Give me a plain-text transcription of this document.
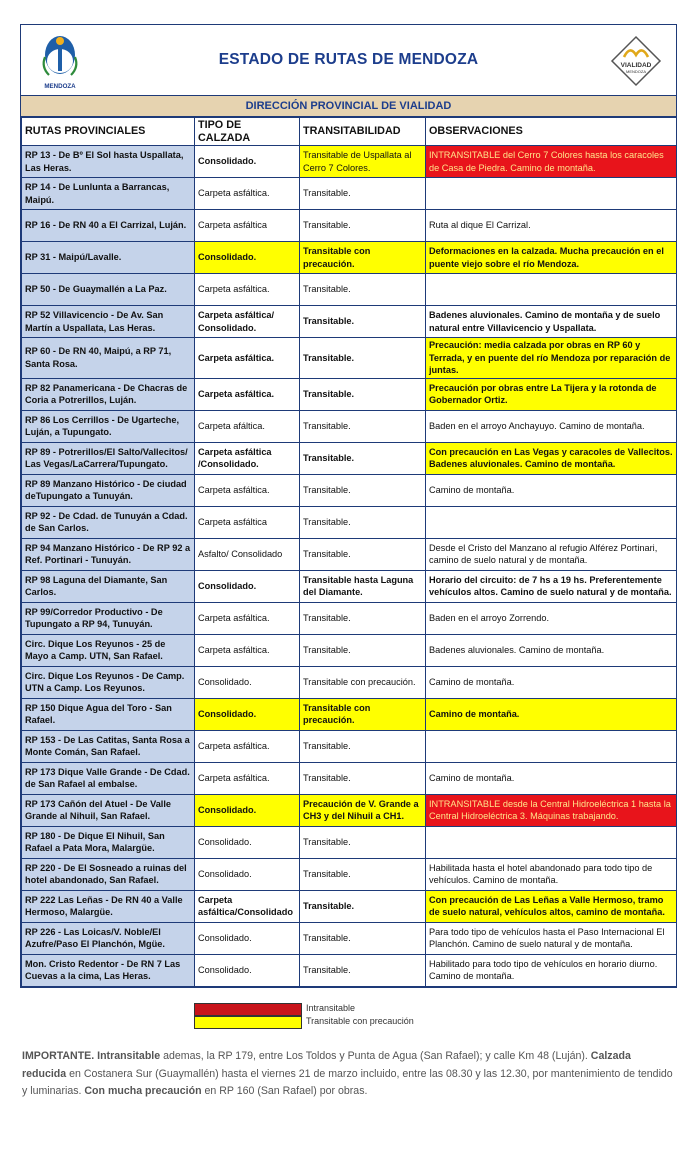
MENDOZA
ESTADO DE RUTAS DE MENDOZA	VIALIDAD
MENDOZA
DIRECCIÓN PROVINCIAL DE VIALIDAD
RUTAS PROVINCIALES	TIPO DE CALZADA	TRANSITABILIDAD	OBSERVACIONES
RP 13 - De Bº El Sol hasta Uspallata, Las Heras.	Consolidado.	Transitable de Uspallata al Cerro 7 Colores.	INTRANSITABLE del Cerro 7 Colores hasta los caracoles de Casa de Piedra. Camino de montaña.
RP 14 - De Lunlunta a Barrancas, Maipú.	Carpeta asfáltica.	Transitable.	
RP 16 - De RN 40 a El Carrizal, Luján.	Carpeta asfáltica	Transitable.	Ruta al dique El Carrizal.
RP 31 - Maipú/Lavalle.	Consolidado.	Transitable con precaución.	Deformaciones en la calzada. Mucha precaución en el puente viejo sobre el río Mendoza.
RP 50 - De Guaymallén a La Paz.	Carpeta asfáltica.	Transitable.	
RP 52 Villavicencio - De Av. San Martín a Uspallata, Las Heras.	Carpeta asfáltica/ Consolidado.	Transitable.	Badenes aluvionales. Camino de montaña y de suelo natural entre Villavicencio y Uspallata.
RP 60 - De RN 40, Maipú, a RP 71, Santa Rosa.	Carpeta asfáltica.	Transitable.	Precaución: media calzada por obras en RP 60 y Terrada, y en puente del río Mendoza por reparación de juntas.
RP 82 Panamericana - De Chacras de Coria a Potrerillos, Luján.	Carpeta asfáltica.	Transitable.	Precaución por obras entre La Tijera y la rotonda de Gobernador Ortiz.
RP 86 Los Cerrillos - De Ugarteche, Luján, a Tupungato.	Carpeta afáltica.	Transitable.	Baden en el arroyo Anchayuyo. Camino de montaña.
RP 89 - Potrerillos/El Salto/Vallecitos/ Las Vegas/LaCarrera/Tupungato.	Carpeta asfáltica /Consolidado.	Transitable.	Con precaución en Las Vegas y caracoles de Vallecitos. Badenes aluvionales. Camino de montaña.
RP 89 Manzano Histórico - De ciudad deTupungato a Tunuyán.	Carpeta asfáltica.	Transitable.	Camino de montaña.
RP 92 - De Cdad. de Tunuyán a Cdad. de San Carlos.	Carpeta asfáltica	Transitable.	
RP 94 Manzano Histórico - De RP 92 a Ref. Portinari - Tunuyán.	Asfalto/ Consolidado	Transitable.	Desde el Cristo del Manzano al refugio Alférez Portinari, camino de suelo natural y de montaña.
RP 98 Laguna del Diamante, San Carlos.	Consolidado.	Transitable hasta Laguna del Diamante.	Horario del circuito: de 7 hs a 19 hs. Preferentemente vehículos altos. Camino de suelo natural y de montaña.
RP 99/Corredor Productivo - De Tupungato a RP 94, Tunuyán.	Carpeta asfáltica.	Transitable.	Baden en el arroyo Zorrendo.
Circ. Dique Los Reyunos - 25 de Mayo a Camp. UTN, San Rafael.	Carpeta asfáltica.	Transitable.	Badenes aluvionales. Camino de montaña.
Circ. Dique Los Reyunos - De Camp. UTN a Camp. Los Reyunos.	Consolidado.	Transitable con precaución.	Camino de montaña.
RP 150 Dique Agua del Toro - San Rafael.	Consolidado.	Transitable con precaución.	Camino de montaña.
RP 153 - De Las Catitas, Santa Rosa a Monte Comán, San Rafael.	Carpeta asfáltica.	Transitable.	
RP 173 Dique Valle Grande - De Cdad. de San Rafael al embalse.	Carpeta asfáltica.	Transitable.	Camino de montaña.
RP 173 Cañón del Atuel - De Valle Grande al Nihuil, San Rafael.	Consolidado.	Precaución de V. Grande a CH3 y del Nihuil a CH1.	INTRANSITABLE desde la Central Hidroeléctrica 1 hasta la Central Hidroeléctrica 3. Máquinas trabajando.
RP 180 - De Dique El Nihuil, San Rafael a Pata Mora, Malargüe.	Consolidado.	Transitable.	
RP 220 - De El Sosneado a ruinas del hotel abandonado, San Rafael.	Consolidado.	Transitable.	Habilitada hasta el hotel abandonado para todo tipo de vehículos. Camino de montaña.
RP 222 Las Leñas - De RN 40 a Valle Hermoso, Malargüe.	Carpeta asfáltica/Consolidado	Transitable.	Con precaución de Las Leñas a Valle Hermoso, tramo de suelo natural, vehículos altos, camino de montaña.
RP 226 - Las Loicas/V. Noble/El Azufre/Paso El Planchón, Mgüe.	Consolidado.	Transitable.	Para todo tipo de vehículos hasta el Paso Internacional El Planchón. Camino de suelo natural y de montaña.
Mon. Cristo Redentor - De RN 7 Las Cuevas a la cima, Las Heras.	Consolidado.	Transitable.	Habilitado para todo tipo de vehículos en horario diurno. Camino de montaña.
Intransitable
Transitable con precaución
IMPORTANTE. Intransitable ademas, la RP 179, entre Los Toldos y Punta de Agua (San Rafael); y calle Km 48 (Luján). Calzada reducida en Costanera Sur (Guaymallén) hasta el viernes 21 de marzo incluido, entre las 08.30 y las 12.30, por mantenimiento de tendido y luminarias. Con mucha precaución en RP 160 (San Rafael) por obras.
